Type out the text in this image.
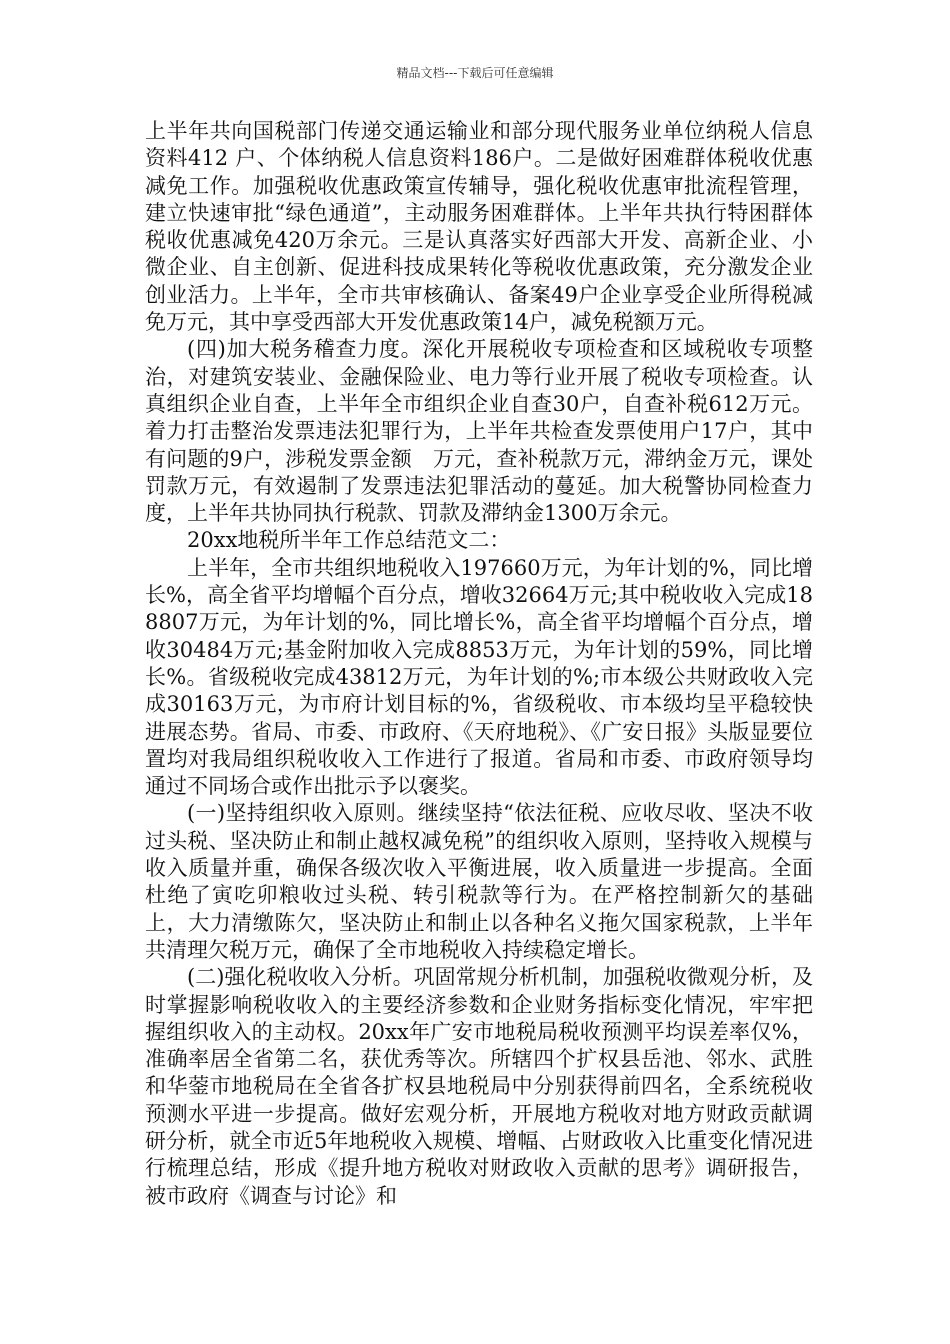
精品文档---下载后可任意编辑

上半年共向国税部门传递交通运输业和部分现代服务业单位纳税人信息资料412 户、个体纳税人信息资料186户。二是做好困难群体税收优惠减免工作。加强税收优惠政策宣传辅导，强化税收优惠审批流程管理，建立快速审批“绿色通道”，主动服务困难群体。上半年共执行特困群体税收优惠减免420万余元。三是认真落实好西部大开发、高新企业、小微企业、自主创新、促进科技成果转化等税收优惠政策，充分激发企业创业活力。上半年，全市共审核确认、备案49户企业享受企业所得税减免万元，其中享受西部大开发优惠政策14户，减免税额万元。

(四)加大税务稽查力度。深化开展税收专项检查和区域税收专项整治，对建筑安装业、金融保险业、电力等行业开展了税收专项检查。认真组织企业自查，上半年全市组织企业自查30户，自查补税612万元。着力打击整治发票违法犯罪行为，上半年共检查发票使用户17户，其中有问题的9户，涉税发票金额　万元，查补税款万元，滞纳金万元，课处罚款万元，有效遏制了发票违法犯罪活动的蔓延。加大税警协同检查力度，上半年共协同执行税款、罚款及滞纳金1300万余元。

20xx地税所半年工作总结范文二：

上半年，全市共组织地税收入197660万元，为年计划的%，同比增长%，高全省平均增幅个百分点，增收32664万元;其中税收收入完成188807万元，为年计划的%，同比增长%，高全省平均增幅个百分点，增收30484万元;基金附加收入完成8853万元，为年计划的59%，同比增长%。省级税收完成43812万元，为年计划的%;市本级公共财政收入完成30163万元，为市府计划目标的%，省级税收、市本级均呈平稳较快进展态势。省局、市委、市政府、《天府地税》、《广安日报》头版显要位置均对我局组织税收收入工作进行了报道。省局和市委、市政府领导均通过不同场合或作出批示予以褒奖。

(一)坚持组织收入原则。继续坚持“依法征税、应收尽收、坚决不收过头税、坚决防止和制止越权减免税”的组织收入原则，坚持收入规模与收入质量并重，确保各级次收入平衡进展，收入质量进一步提高。全面杜绝了寅吃卯粮收过头税、转引税款等行为。在严格控制新欠的基础上，大力清缴陈欠，坚决防止和制止以各种名义拖欠国家税款，上半年共清理欠税万元，确保了全市地税收入持续稳定增长。

(二)强化税收收入分析。巩固常规分析机制，加强税收微观分析，及时掌握影响税收收入的主要经济参数和企业财务指标变化情况，牢牢把握组织收入的主动权。20xx年广安市地税局税收预测平均误差率仅%，准确率居全省第二名，获优秀等次。所辖四个扩权县岳池、邻水、武胜和华蓥市地税局在全省各扩权县地税局中分别获得前四名，全系统税收预测水平进一步提高。做好宏观分析，开展地方税收对地方财政贡献调研分析，就全市近5年地税收入规模、增幅、占财政收入比重变化情况进行梳理总结，形成《提升地方税收对财政收入贡献的思考》调研报告，被市政府《调查与讨论》和
